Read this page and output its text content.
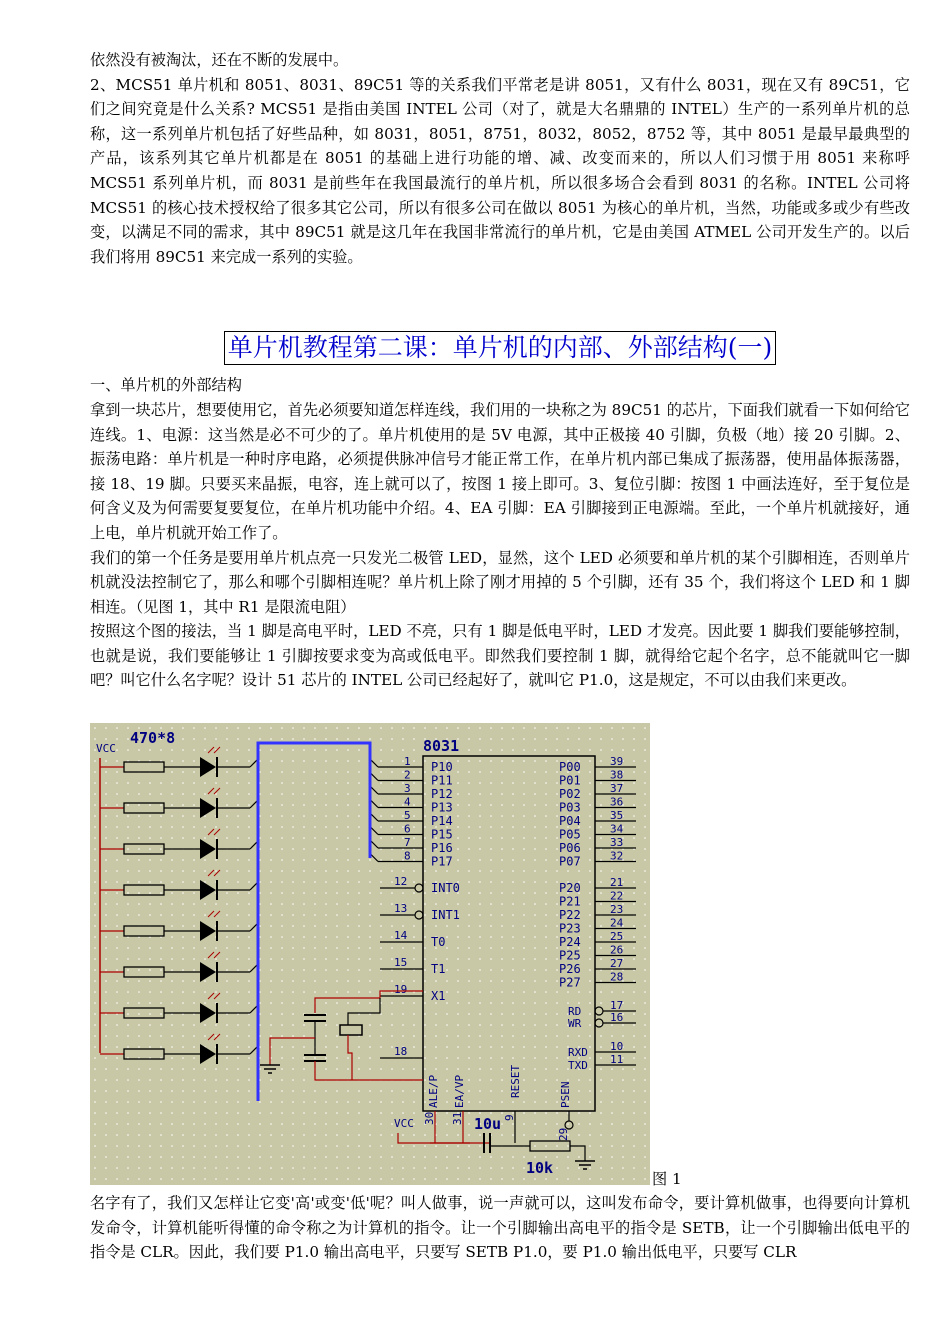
依然没有被淘汰，还在不断的发展中。

2、MCS51 单片机和 8051、8031、89C51 等的关系我们平常老是讲 8051，又有什么 8031，现在又有 89C51，它们之间究竟是什么关系? MCS51 是指由美国 INTEL 公司（对了，就是大名鼎鼎的 INTEL）生产的一系列单片机的总称，这一系列单片机包括了好些品种，如 8031，8051，8751，8032，8052，8752 等，其中 8051 是最早最典型的产品，该系列其它单片机都是在 8051 的基础上进行功能的增、减、改变而来的，所以人们习惯于用 8051 来称呼 MCS51 系列单片机，而 8031 是前些年在我国最流行的单片机，所以很多场合会看到 8031 的名称。INTEL 公司将 MCS51 的核心技术授权给了很多其它公司，所以有很多公司在做以 8051 为核心的单片机，当然，功能或多或少有些改变，以满足不同的需求，其中 89C51 就是这几年在我国非常流行的单片机，它是由美国 ATMEL 公司开发生产的。以后我们将用 89C51 来完成一系列的实验。

单片机教程第二课：单片机的内部、外部结构(一)

一、单片机的外部结构

拿到一块芯片，想要使用它，首先必须要知道怎样连线，我们用的一块称之为 89C51 的芯片，下面我们就看一下如何给它连线。1、电源：这当然是必不可少的了。单片机使用的是 5V 电源，其中正极接 40 引脚，负极（地）接 20 引脚。2、振荡电路：单片机是一种时序电路，必须提供脉冲信号才能正常工作，在单片机内部已集成了振荡器，使用晶体振荡器，接 18、19 脚。只要买来晶振，电容，连上就可以了，按图 1 接上即可。3、复位引脚：按图 1 中画法连好，至于复位是何含义及为何需要复要复位，在单片机功能中介绍。4、EA 引脚：EA 引脚接到正电源端。至此，一个单片机就接好，通上电，单片机就开始工作了。

我们的第一个任务是要用单片机点亮一只发光二极管 LED，显然，这个 LED 必须要和单片机的某个引脚相连，否则单片机就没法控制它了，那么和哪个引脚相连呢？单片机上除了刚才用掉的 5 个引脚，还有 35 个，我们将这个 LED 和 1 脚相连。（见图 1，其中 R1 是限流电阻）

按照这个图的接法，当 1 脚是高电平时，LED 不亮，只有 1 脚是低电平时，LED 才发亮。因此要 1 脚我们要能够控制，也就是说，我们要能够让 1 引脚按要求变为高或低电平。即然我们要控制 1 脚，就得给它起个名字，总不能就叫它一脚吧？叫它什么名字呢？设计 51 芯片的 INTEL 公司已经起好了，就叫它 P1.0，这是规定，不可以由我们来更改。

8031
VCC
470*8
1 P10
2 P11
3 P12
4 P13
5 P14
6 P15
7 P16
8 P17
12 INT0
13 INT1
14 T0
15 T1
19 X1
18
39
P00
38
P01
37
P02
36
P03
35
P04
34
P05
33
P06
32
P07
21
P20
22
P21
23
P22
24
P23
25
P24
26
P25
27
P26
28
P27
17
RD	16
WR
10
RXD
11
TXD
ALE/P EA/VP	RESET	PSEN
30 31	9
29
VCC	10u
10k
图 1

名字有了，我们又怎样让它变'高'或变'低'呢？叫人做事，说一声就可以，这叫发布命令，要计算机做事，也得要向计算机发命令，计算机能听得懂的命令称之为计算机的指令。让一个引脚输出高电平的指令是 SETB，让一个引脚输出低电平的指令是 CLR。因此，我们要 P1.0 输出高电平，只要写 SETB P1.0，要 P1.0 输出低电平，只要写 CLR
